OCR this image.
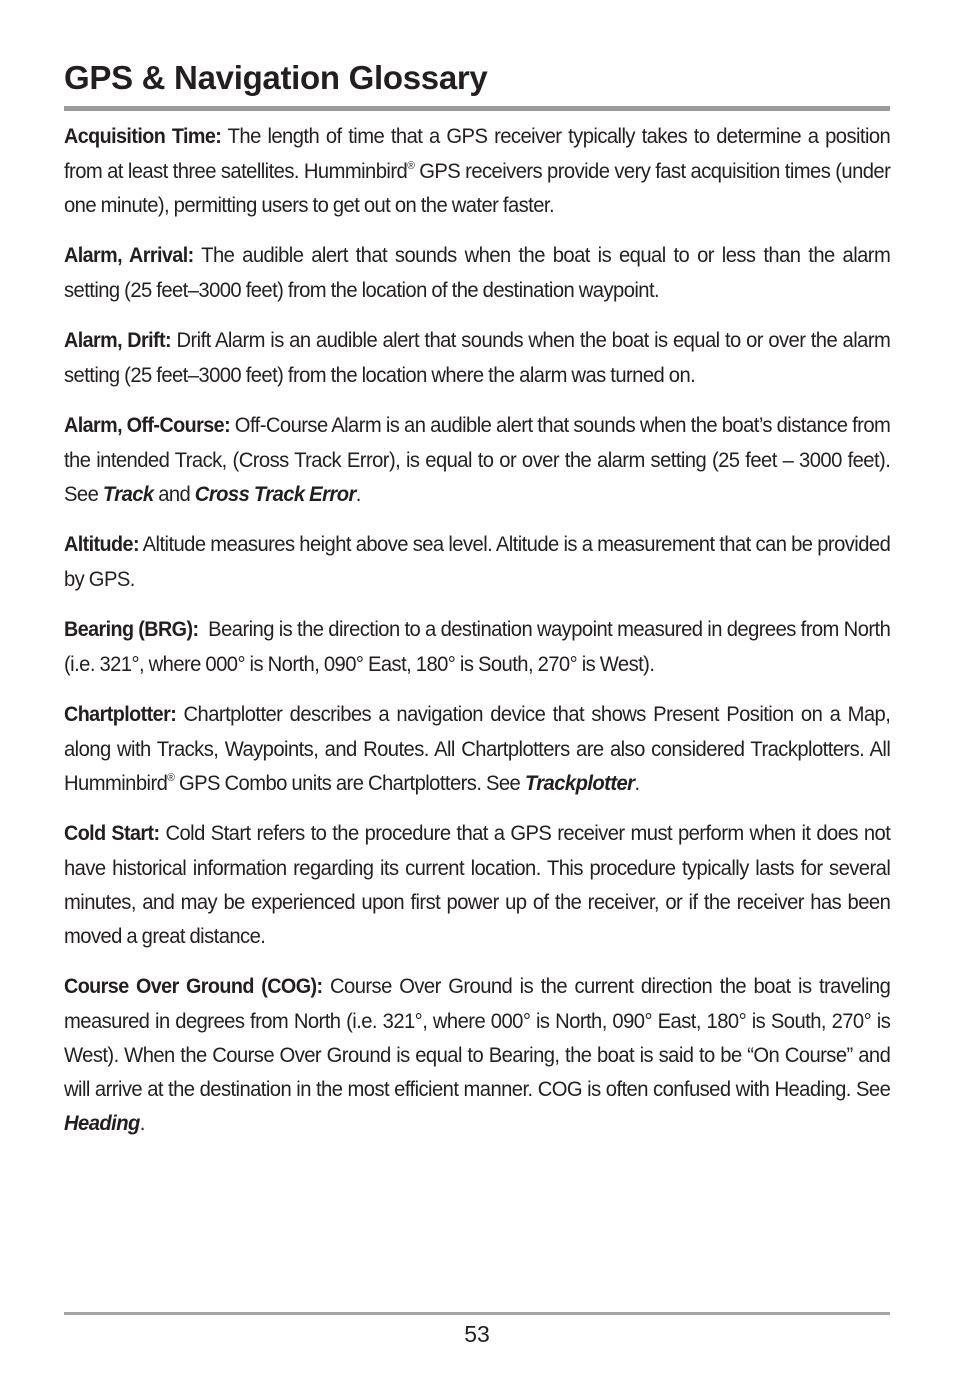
GPS & Navigation Glossary

Acquisition Time: The length of time that a GPS receiver typically takes to determine a position from at least three satellites. Humminbird® GPS receivers provide very fast acquisition times (under one minute), permitting users to get out on the water faster.

Alarm, Arrival: The audible alert that sounds when the boat is equal to or less than the alarm setting (25 feet–3000 feet) from the location of the destination waypoint.

Alarm, Drift: Drift Alarm is an audible alert that sounds when the boat is equal to or over the alarm setting (25 feet–3000 feet) from the location where the alarm was turned on.

Alarm, Off-Course: Off-Course Alarm is an audible alert that sounds when the boat’s distance from the intended Track, (Cross Track Error), is equal to or over the alarm setting (25 feet – 3000 feet). See Track and Cross Track Error.

Altitude: Altitude measures height above sea level. Altitude is a measurement that can be provided by GPS.

Bearing (BRG): Bearing is the direction to a destination waypoint measured in degrees from North (i.e. 321°, where 000° is North, 090° East, 180° is South, 270° is West).

Chartplotter: Chartplotter describes a navigation device that shows Present Position on a Map, along with Tracks, Waypoints, and Routes. All Chartplotters are also considered Trackplotters. All Humminbird® GPS Combo units are Chartplotters. See Trackplotter.

Cold Start: Cold Start refers to the procedure that a GPS receiver must perform when it does not have historical information regarding its current location. This procedure typically lasts for several minutes, and may be experienced upon first power up of the receiver, or if the receiver has been moved a great distance.

Course Over Ground (COG): Course Over Ground is the current direction the boat is traveling measured in degrees from North (i.e. 321°, where 000° is North, 090° East, 180° is South, 270° is West). When the Course Over Ground is equal to Bearing, the boat is said to be “On Course” and will arrive at the destination in the most efficient manner. COG is often confused with Heading. See Heading.

53
